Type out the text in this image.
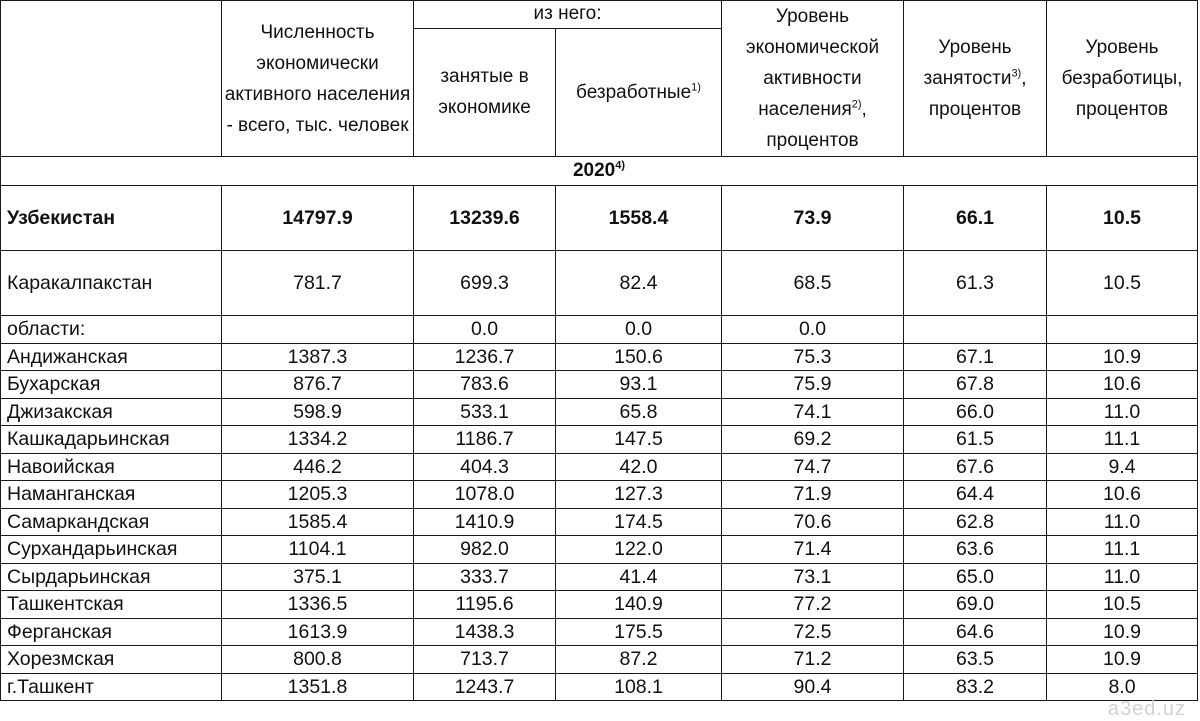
	Численность экономически активного населения - всего, тыс. человек	из него:		Уровень экономической активности населения$^{2)}$, процентов	Уровень занятости$^{3)}$, процентов	Уровень безработицы, процентов
		занятые в экономике	безработные$^{1)}$
2020$^{4)}$
Узбекистан	14797.9	13239.6	1558.4	73.9	66.1	10.5
Каракалпакстан	781.7	699.3	82.4	68.5	61.3	10.5
области:		0.0	0.0	0.0		
Андижанская	1387.3	1236.7	150.6	75.3	67.1	10.9
Бухарская	876.7	783.6	93.1	75.9	67.8	10.6
Джизакская	598.9	533.1	65.8	74.1	66.0	11.0
Кашкадарьинская	1334.2	1186.7	147.5	69.2	61.5	11.1
Навоийская	446.2	404.3	42.0	74.7	67.6	9.4
Наманганская	1205.3	1078.0	127.3	71.9	64.4	10.6
Самаркандская	1585.4	1410.9	174.5	70.6	62.8	11.0
Сурхандарьинская	1104.1	982.0	122.0	71.4	63.6	11.1
Сырдарьинская	375.1	333.7	41.4	73.1	65.0	11.0
Ташкентская	1336.5	1195.6	140.9	77.2	69.0	10.5
Ферганская	1613.9	1438.3	175.5	72.5	64.6	10.9
Хорезмская	800.8	713.7	87.2	71.2	63.5	10.9
г.Ташкент	1351.8	1243.7	108.1	90.4	83.2	8.0
a3ed.uz
